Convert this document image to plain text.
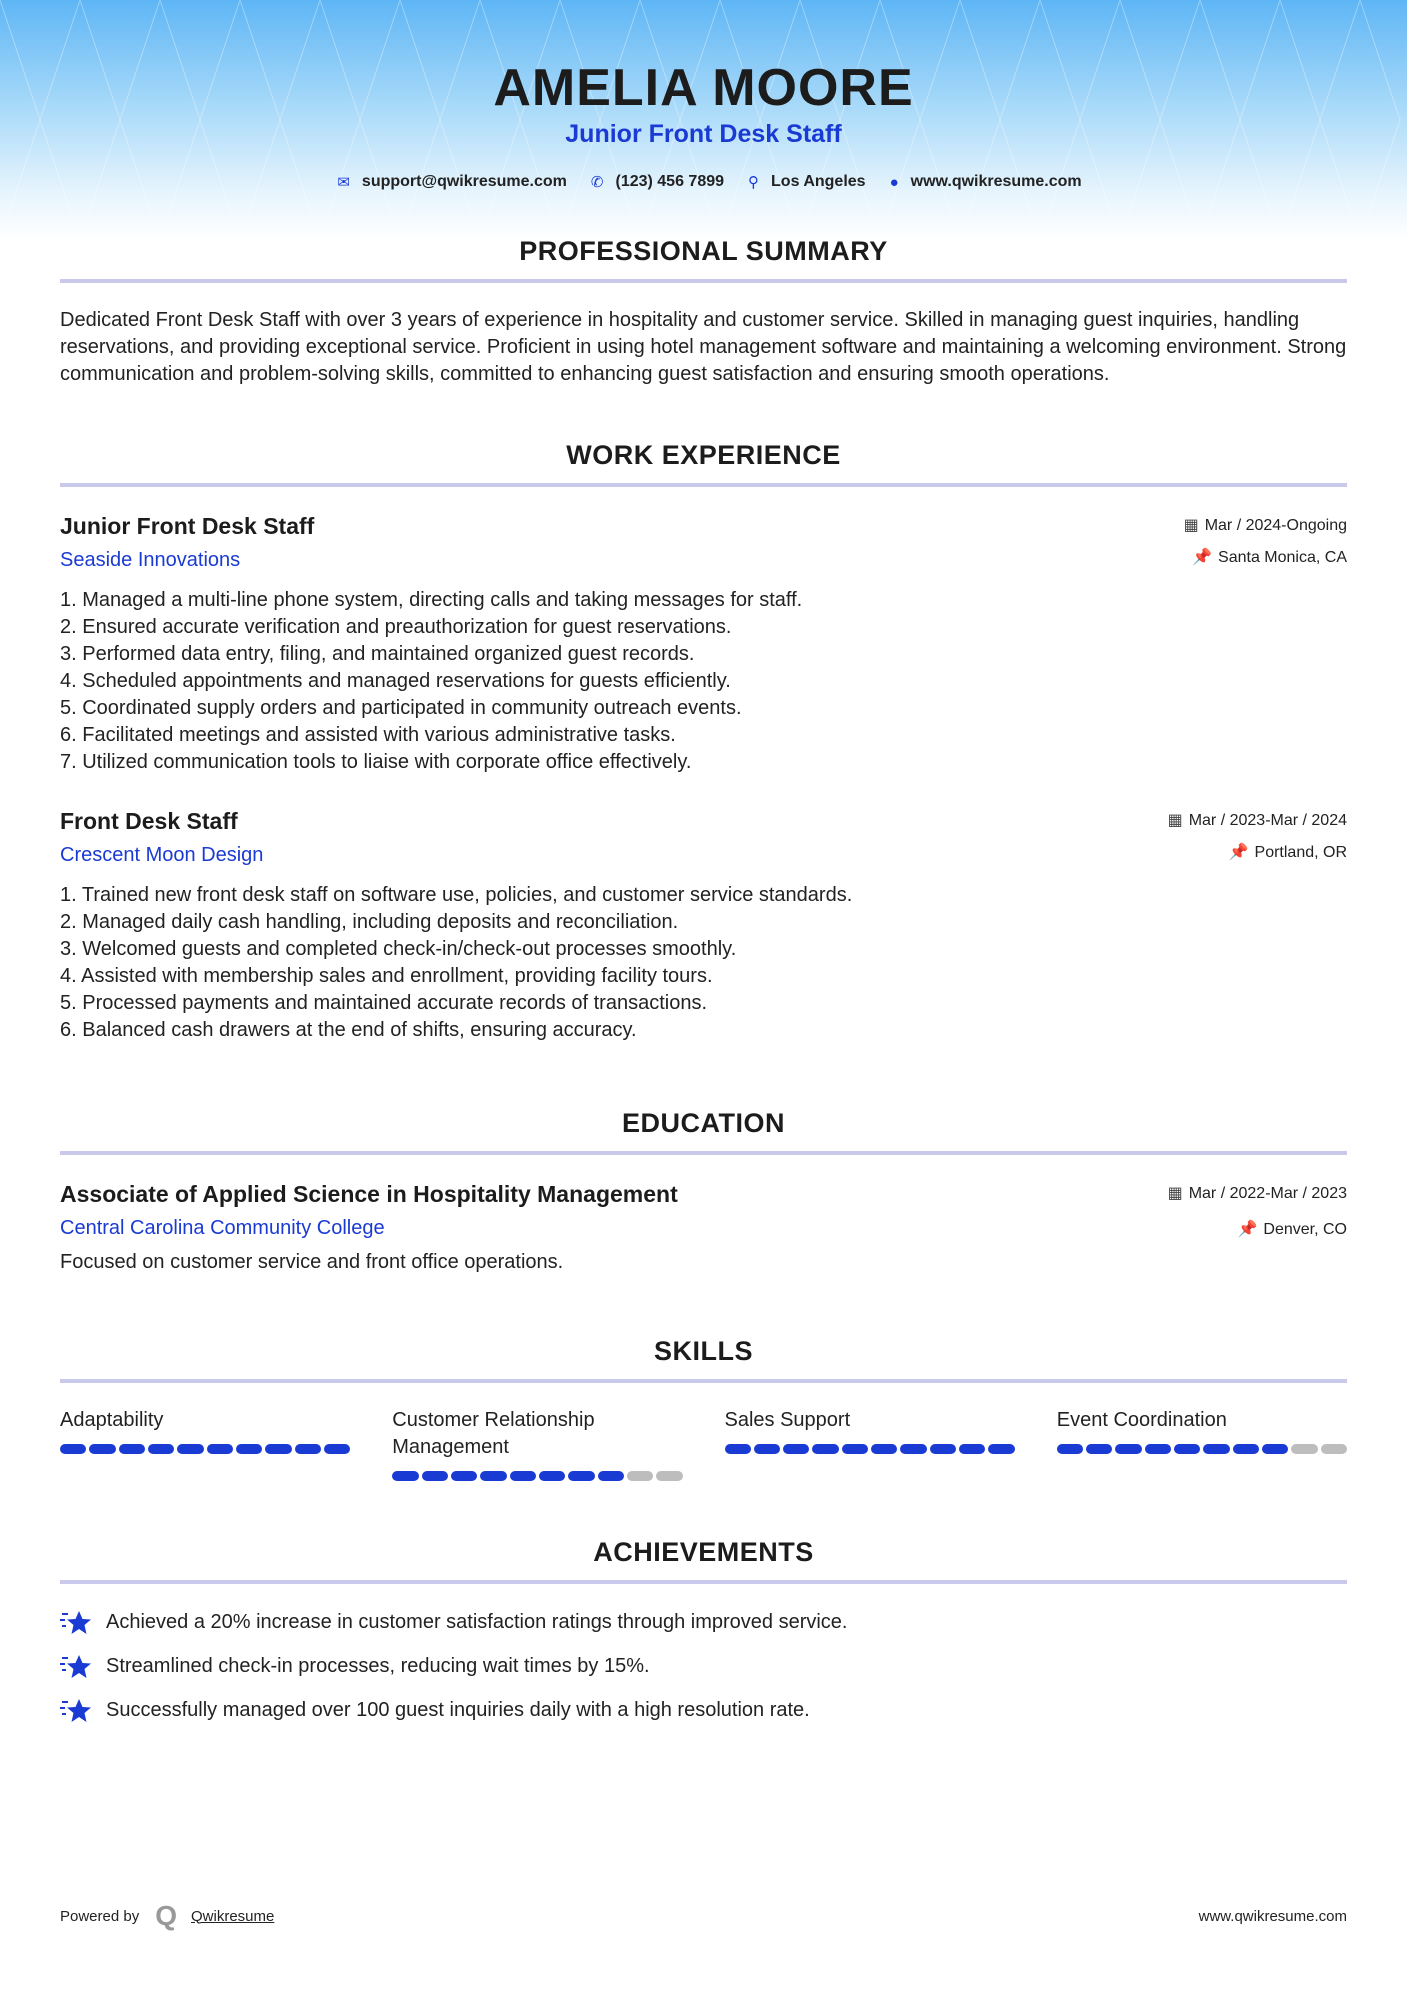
AMELIA MOORE
Junior Front Desk Staff
✉ support@qwikresume.com ✆ (123) 456 7899 ⚲ Los Angeles ● www.qwikresume.com
PROFESSIONAL SUMMARY

Dedicated Front Desk Staff with over 3 years of experience in hospitality and customer service. Skilled in managing guest inquiries, handling reservations, and providing exceptional service. Proficient in using hotel management software and maintaining a welcoming environment. Strong communication and problem-solving skills, committed to enhancing guest satisfaction and ensuring smooth operations.

WORK EXPERIENCE
▦ Mar / 2024-Ongoing
📌 Santa Monica, CA
Junior Front Desk Staff
Seaside Innovations
1. Managed a multi-line phone system, directing calls and taking messages for staff.
2. Ensured accurate verification and preauthorization for guest reservations.
3. Performed data entry, filing, and maintained organized guest records.
4. Scheduled appointments and managed reservations for guests efficiently.
5. Coordinated supply orders and participated in community outreach events.
6. Facilitated meetings and assisted with various administrative tasks.
7. Utilized communication tools to liaise with corporate office effectively.
▦ Mar / 2023-Mar / 2024
📌 Portland, OR
Front Desk Staff
Crescent Moon Design
1. Trained new front desk staff on software use, policies, and customer service standards.
2. Managed daily cash handling, including deposits and reconciliation.
3. Welcomed guests and completed check-in/check-out processes smoothly.
4. Assisted with membership sales and enrollment, providing facility tours.
5. Processed payments and maintained accurate records of transactions.
6. Balanced cash drawers at the end of shifts, ensuring accuracy.
EDUCATION
▦ Mar / 2022-Mar / 2023
📌 Denver, CO
Associate of Applied Science in Hospitality Management
Central Carolina Community College

Focused on customer service and front office operations.

SKILLS
Adaptability	Customer Relationship Management
Sales Support	Event Coordination
ACHIEVEMENTS
Achieved a 20% increase in customer satisfaction ratings through improved service.
Streamlined check-in processes, reducing wait times by 15%.
Successfully managed over 100 guest inquiries daily with a high resolution rate.
Powered by Q Qwikresume	www.qwikresume.com
